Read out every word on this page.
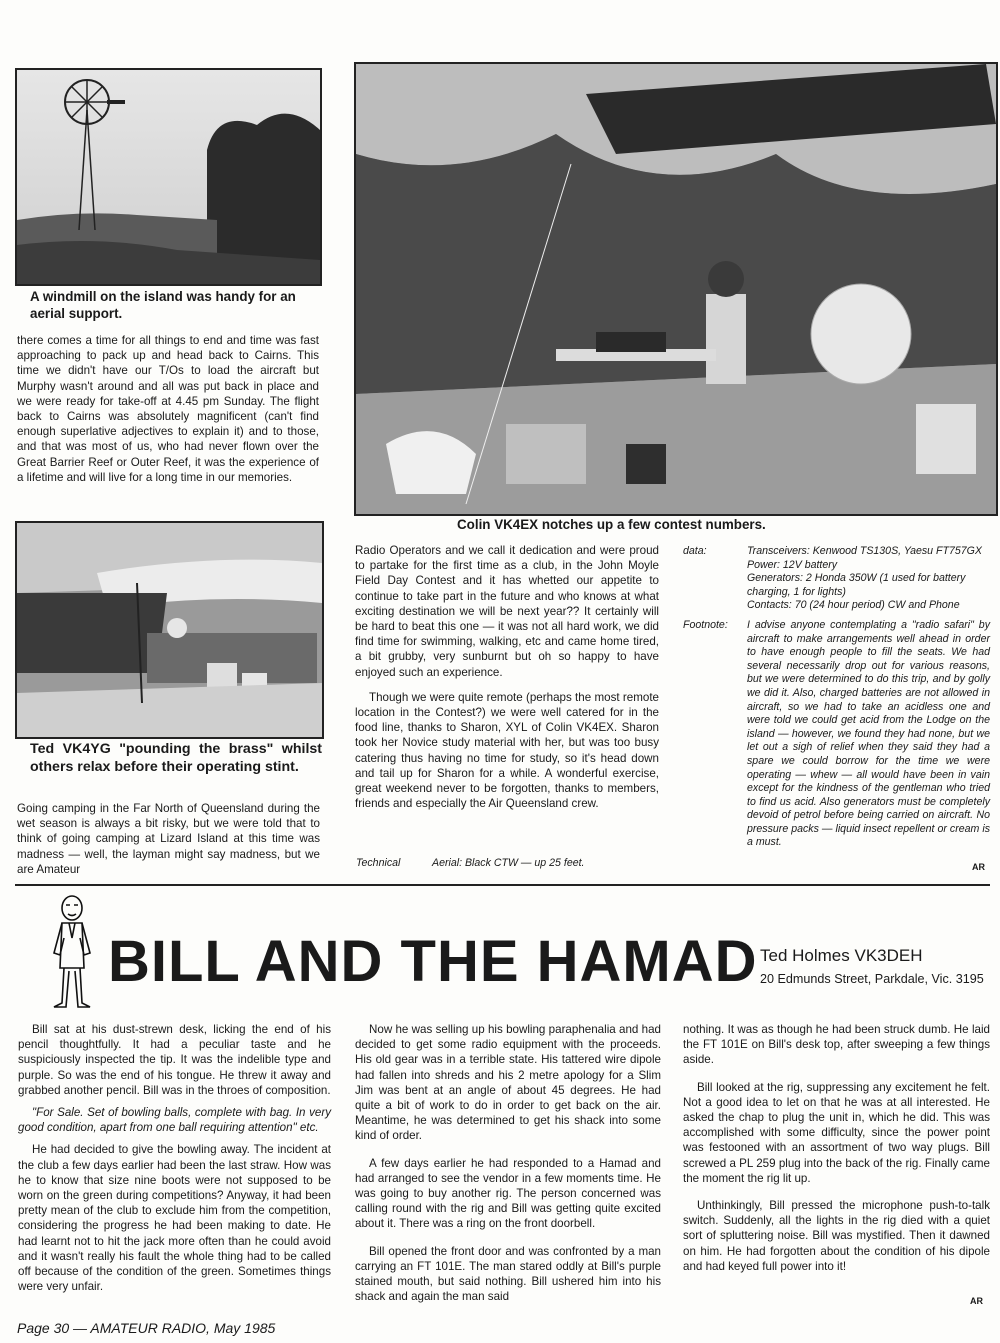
A windmill on the island was handy for an aerial support.
Colin VK4EX notches up a few contest numbers.
there comes a time for all things to end and time was fast approaching to pack up and head back to Cairns. This time we didn't have our T/Os to load the aircraft but Murphy wasn't around and all was put back in place and we were ready for take-off at 4.45 pm Sunday. The flight back to Cairns was absolutely magnificent (can't find enough superlative adjectives to explain it) and to those, and that was most of us, who had never flown over the Great Barrier Reef or Outer Reef, it was the experience of a lifetime and will live for a long time in our memories.
Ted VK4YG "pounding the brass" whilst others relax before their operating stint.
Going camping in the Far North of Queensland during the wet season is always a bit risky, but we were told that to think of going camping at Lizard Island at this time was madness — well, the layman might say madness, but we are Amateur

Radio Operators and we call it dedication and were proud to partake for the first time as a club, in the John Moyle Field Day Contest and it has whetted our appetite to continue to take part in the future and who knows at what exciting destination we will be next year?? It certainly will be hard to beat this one — it was not all hard work, we did find time for swimming, walking, etc and came home tired, a bit grubby, very sunburnt but oh so happy to have enjoyed such an experience.

Though we were quite remote (perhaps the most remote location in the Contest?) we were well catered for in the food line, thanks to Sharon, XYL of Colin VK4EX. Sharon took her Novice study material with her, but was too busy catering thus having no time for study, so it's head down and tail up for Sharon for a while. A wonderful exercise, great weekend never to be forgotten, thanks to members, friends and especially the Air Queensland crew.

Technical	Aerial: Black CTW — up 25 feet.
data:	Transceivers: Kenwood TS130S, Yaesu FT757GX
Power: 12V battery
Generators: 2 Honda 350W (1 used for battery charging, 1 for lights)
Contacts: 70 (24 hour period) CW and Phone
Footnote:	I advise anyone contemplating a "radio safari" by aircraft to make arrangements well ahead in order to have enough people to fill the seats. We had several necessarily drop out for various reasons, but we were determined to do this trip, and by golly we did it. Also, charged batteries are not allowed in aircraft, so we had to take an acidless one and were told we could get acid from the Lodge on the island — however, we found they had none, but we let out a sigh of relief when they said they had a spare we could borrow for the time we were operating — whew — all would have been in vain except for the kindness of the gentleman who tried to find us acid. Also generators must be completely devoid of petrol before being carried on aircraft. No pressure packs — liquid insect repellent or cream is a must.
AR
BILL AND THE HAMAD Ted Holmes VK3DEH
20 Edmunds Street, Parkdale, Vic. 3195

Bill sat at his dust-strewn desk, licking the end of his pencil thoughtfully. It had a peculiar taste and he suspiciously inspected the tip. It was the indelible type and purple. So was the end of his tongue. He threw it away and grabbed another pencil. Bill was in the throes of composition.

"For Sale. Set of bowling balls, complete with bag. In very good condition, apart from one ball requiring attention" etc.

He had decided to give the bowling away. The incident at the club a few days earlier had been the last straw. How was he to know that size nine boots were not supposed to be worn on the green during competitions? Anyway, it had been pretty mean of the club to exclude him from the competition, considering the progress he had been making to date. He had learnt not to hit the jack more often than he could avoid and it wasn't really his fault the whole thing had to be called off because of the condition of the green. Sometimes things were very unfair.

Now he was selling up his bowling paraphenalia and had decided to get some radio equipment with the proceeds. His old gear was in a terrible state. His tattered wire dipole had fallen into shreds and his 2 metre apology for a Slim Jim was bent at an angle of about 45 degrees. He had quite a bit of work to do in order to get back on the air. Meantime, he was determined to get his shack into some kind of order.

A few days earlier he had responded to a Hamad and had arranged to see the vendor in a few moments time. He was going to buy another rig. The person concerned was calling round with the rig and Bill was getting quite excited about it. There was a ring on the front doorbell.

Bill opened the front door and was confronted by a man carrying an FT 101E. The man stared oddly at Bill's purple stained mouth, but said nothing. Bill ushered him into his shack and again the man said

nothing. It was as though he had been struck dumb. He laid the FT 101E on Bill's desk top, after sweeping a few things aside.

Bill looked at the rig, suppressing any excitement he felt. Not a good idea to let on that he was at all interested. He asked the chap to plug the unit in, which he did. This was accomplished with some difficulty, since the power point was festooned with an assortment of two way plugs. Bill screwed a PL 259 plug into the back of the rig. Finally came the moment the rig lit up.

Unthinkingly, Bill pressed the microphone push-to-talk switch. Suddenly, all the lights in the rig died with a quiet sort of spluttering noise. Bill was mystified. Then it dawned on him. He had forgotten about the condition of his dipole and had keyed full power into it!

AR
Page 30 — AMATEUR RADIO, May 1985
